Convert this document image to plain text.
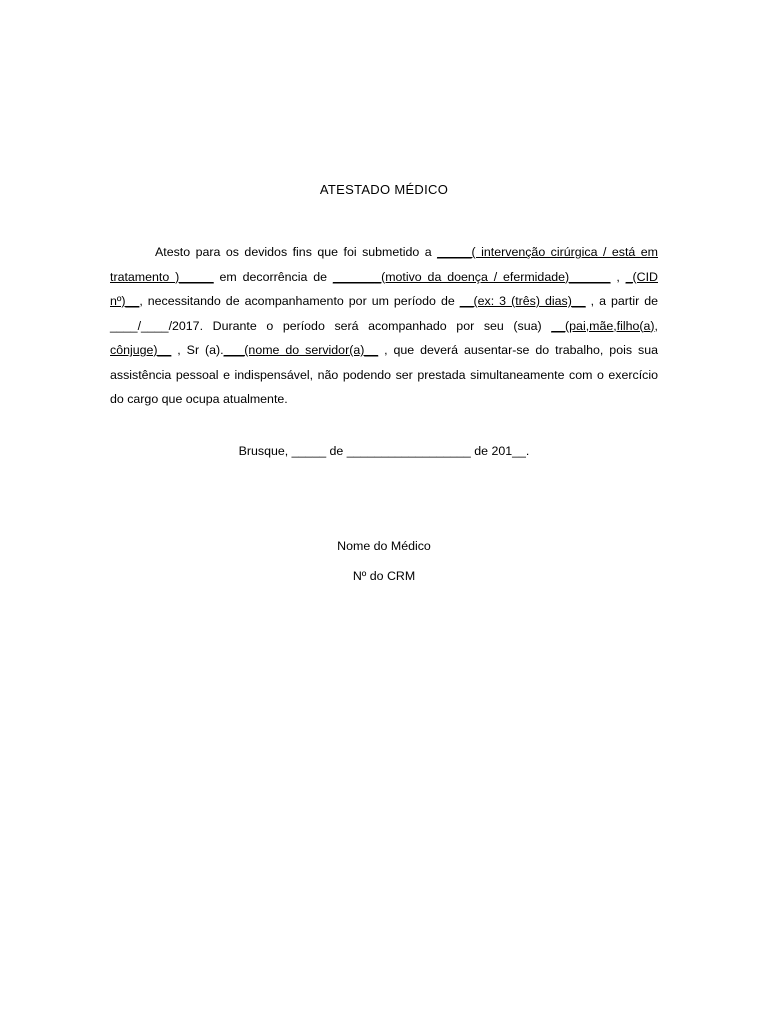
ATESTADO MÉDICO

Atesto para os devidos fins que foi submetido a _____( intervenção cirúrgica / está em tratamento )_____ em decorrência de _______(motivo da doença / efermidade)______ , _(CID nº)__, necessitando de acompanhamento por um período de __(ex: 3 (três) dias)__ , a partir de ____/____/2017. Durante o período será acompanhado por seu (sua) __(pai,mãe,filho(a), cônjuge)__ , Sr (a).___(nome do servidor(a)__ , que deverá ausentar-se do trabalho, pois sua assistência pessoal e indispensável, não podendo ser prestada simultaneamente com o exercício do cargo que ocupa atualmente.

Brusque, _____ de __________________ de 201__.
Nome do Médico
Nº do CRM
